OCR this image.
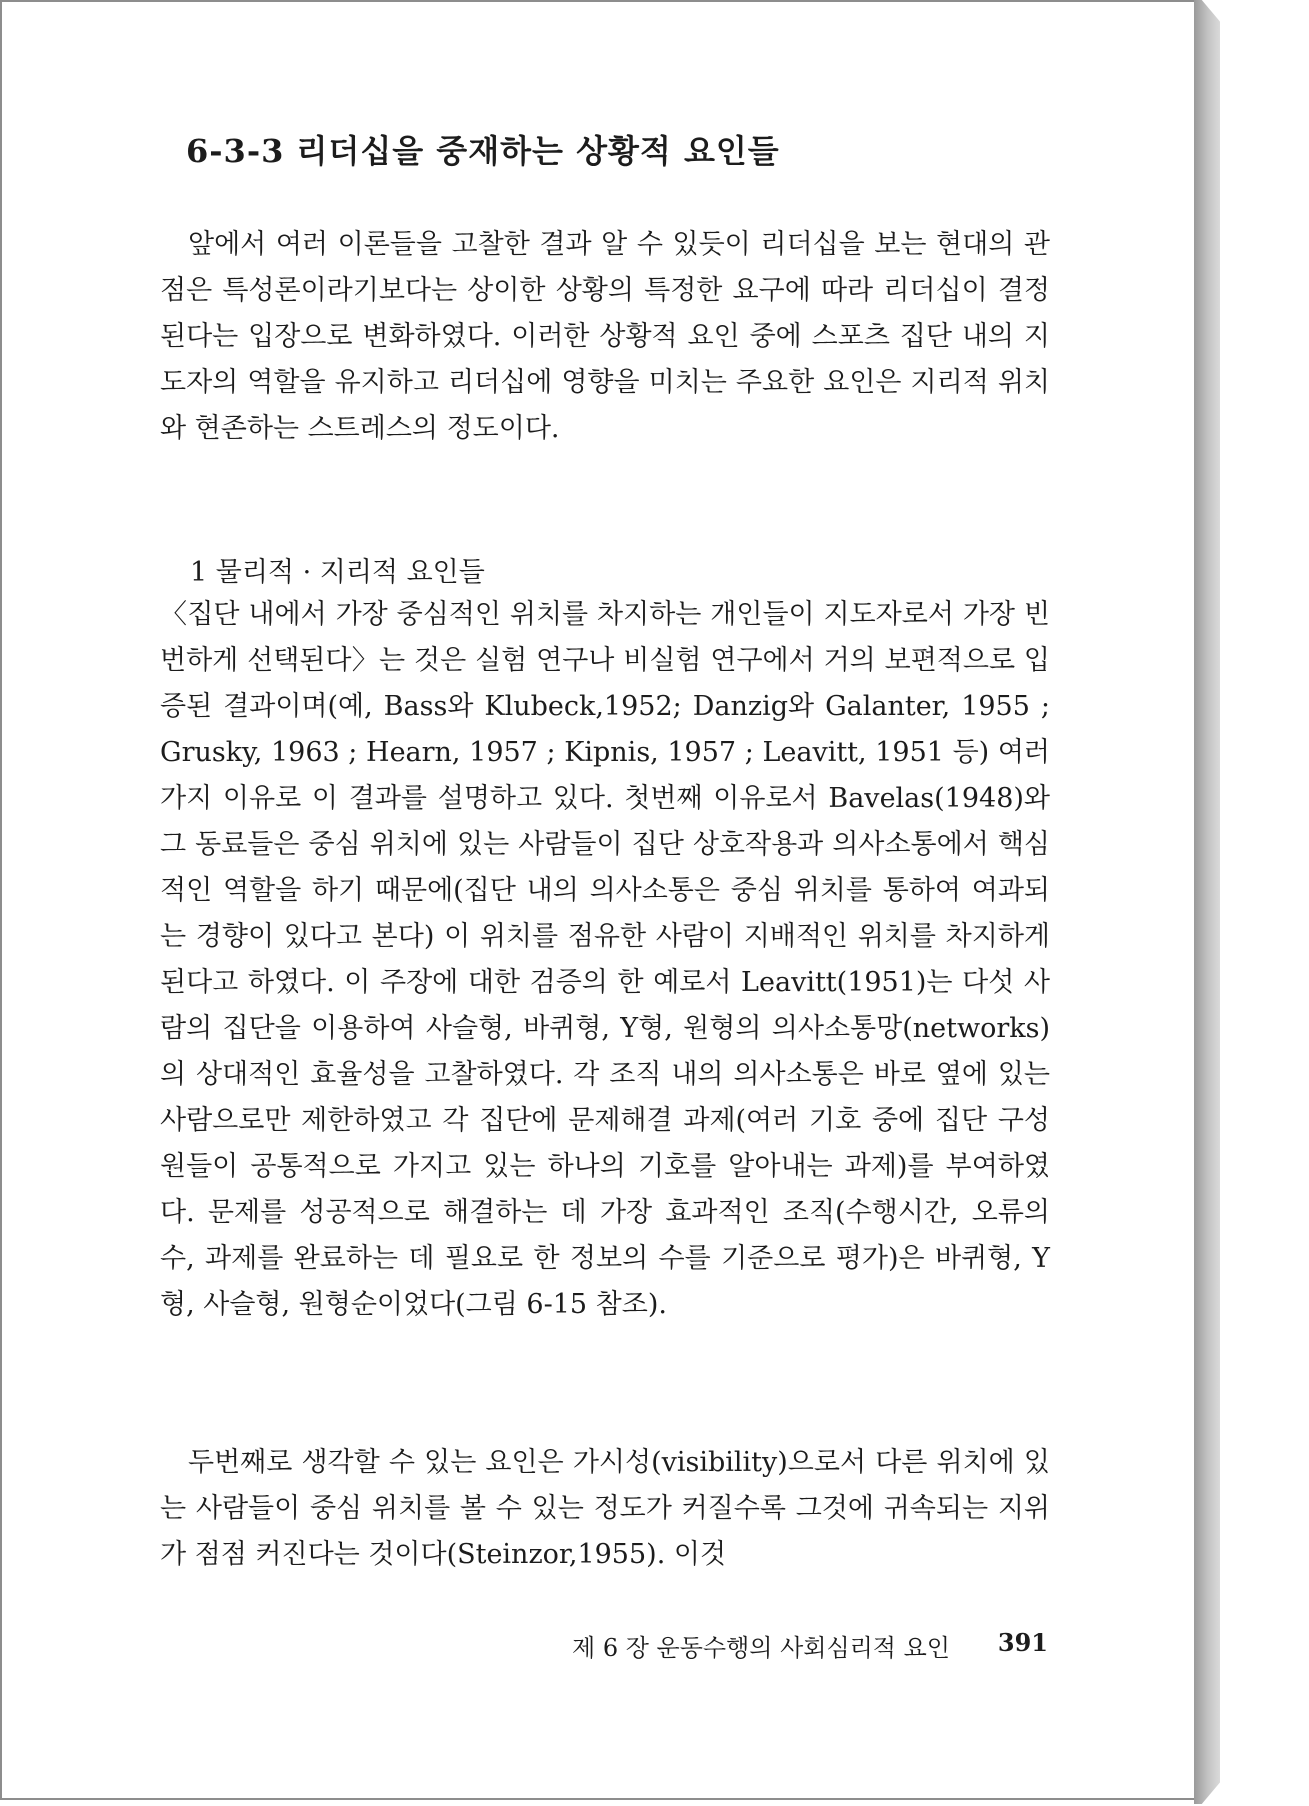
6-3-3 리더십을 중재하는 상황적 요인들

앞에서 여러 이론들을 고찰한 결과 알 수 있듯이 리더십을 보는 현대의 관점은 특성론이라기보다는 상이한 상황의 특정한 요구에 따라 리더십이 결정된다는 입장으로 변화하였다. 이러한 상황적 요인 중에 스포츠 집단 내의 지도자의 역할을 유지하고 리더십에 영향을 미치는 주요한 요인은 지리적 위치와 현존하는 스트레스의 정도이다.

1 물리적 · 지리적 요인들

〈집단 내에서 가장 중심적인 위치를 차지하는 개인들이 지도자로서 가장 빈번하게 선택된다〉는 것은 실험 연구나 비실험 연구에서 거의 보편적으로 입증된 결과이며(예, Bass와 Klubeck,1952; Danzig와 Galanter, 1955 ; Grusky, 1963 ; Hearn, 1957 ; Kipnis, 1957 ; Leavitt, 1951 등) 여러가지 이유로 이 결과를 설명하고 있다. 첫번째 이유로서 Bavelas(1948)와 그 동료들은 중심 위치에 있는 사람들이 집단 상호작용과 의사소통에서 핵심적인 역할을 하기 때문에(집단 내의 의사소통은 중심 위치를 통하여 여과되는 경향이 있다고 본다) 이 위치를 점유한 사람이 지배적인 위치를 차지하게 된다고 하였다. 이 주장에 대한 검증의 한 예로서 Leavitt(1951)는 다섯 사람의 집단을 이용하여 사슬형, 바퀴형, Y형, 원형의 의사소통망(networks)의 상대적인 효율성을 고찰하였다. 각 조직 내의 의사소통은 바로 옆에 있는 사람으로만 제한하였고 각 집단에 문제해결 과제(여러 기호 중에 집단 구성원들이 공통적으로 가지고 있는 하나의 기호를 알아내는 과제)를 부여하였다. 문제를 성공적으로 해결하는 데 가장 효과적인 조직(수행시간, 오류의 수, 과제를 완료하는 데 필요로 한 정보의 수를 기준으로 평가)은 바퀴형, Y형, 사슬형, 원형순이었다(그림 6-15 참조).

두번째로 생각할 수 있는 요인은 가시성(visibility)으로서 다른 위치에 있는 사람들이 중심 위치를 볼 수 있는 정도가 커질수록 그것에 귀속되는 지위가 점점 커진다는 것이다(Steinzor,1955). 이것

제 6 장 운동수행의 사회심리적 요인 391
